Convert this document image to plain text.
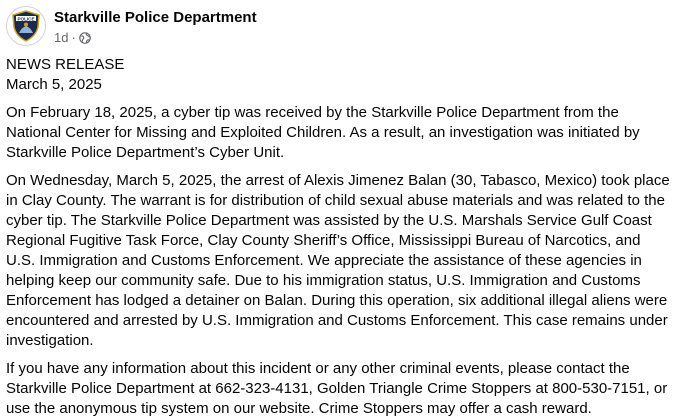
POLICE Starkville Police Department
1d ·

NEWS RELEASE

March 5, 2025

On February 18, 2025, a cyber tip was received by the Starkville Police Department from the National Center for Missing and Exploited Children. As a result, an investigation was initiated by Starkville Police Department’s Cyber Unit.

On Wednesday, March 5, 2025, the arrest of Alexis Jimenez Balan (30, Tabasco, Mexico) took place in Clay County. The warrant is for distribution of child sexual abuse materials and was related to the cyber tip. The Starkville Police Department was assisted by the U.S. Marshals Service Gulf Coast Regional Fugitive Task Force, Clay County Sheriff’s Office, Mississippi Bureau of Narcotics, and U.S. Immigration and Customs Enforcement. We appreciate the assistance of these agencies in helping keep our community safe. Due to his immigration status, U.S. Immigration and Customs Enforcement has lodged a detainer on Balan. During this operation, six additional illegal aliens were encountered and arrested by U.S. Immigration and Customs Enforcement. This case remains under investigation.

If you have any information about this incident or any other criminal events, please contact the Starkville Police Department at 662-323-4131, Golden Triangle Crime Stoppers at 800-530-7151, or use the anonymous tip system on our website. Crime Stoppers may offer a cash reward.
